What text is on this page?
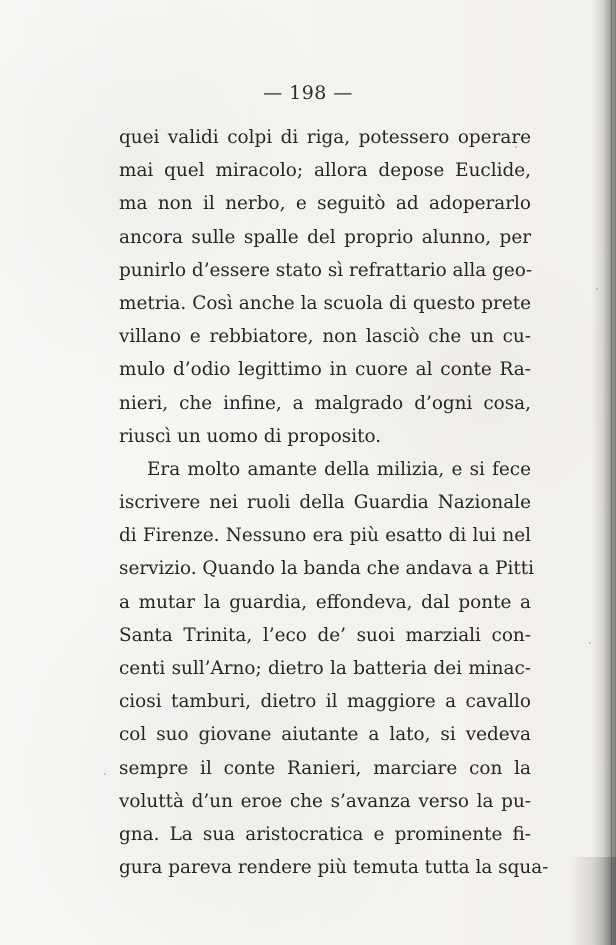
— 198 —
quei validi colpi di riga, potessero operare
mai quel miracolo; allora depose Euclide,
ma non il nerbo, e seguitò ad adoperarlo
ancora sulle spalle del proprio alunno, per
punirlo d’essere stato sì refrattario alla geo-
metria. Così anche la scuola di questo prete
villano e rebbiatore, non lasciò che un cu-
mulo d’odio legittimo in cuore al conte Ra-
nieri, che infine, a malgrado d’ogni cosa,
riuscì un uomo di proposito.
Era molto amante della milizia, e si fece
iscrivere nei ruoli della Guardia Nazionale
di Firenze. Nessuno era più esatto di lui nel
servizio. Quando la banda che andava a Pitti
a mutar la guardia, effondeva, dal ponte a
Santa Trinita, l’eco de’ suoi marziali con-
centi sull’Arno; dietro la batteria dei minac-
ciosi tamburi, dietro il maggiore a cavallo
col suo giovane aiutante a lato, si vedeva
sempre il conte Ranieri, marciare con la
voluttà d’un eroe che s’avanza verso la pu-
gna. La sua aristocratica e prominente fi-
gura pareva rendere più temuta tutta la squa-
